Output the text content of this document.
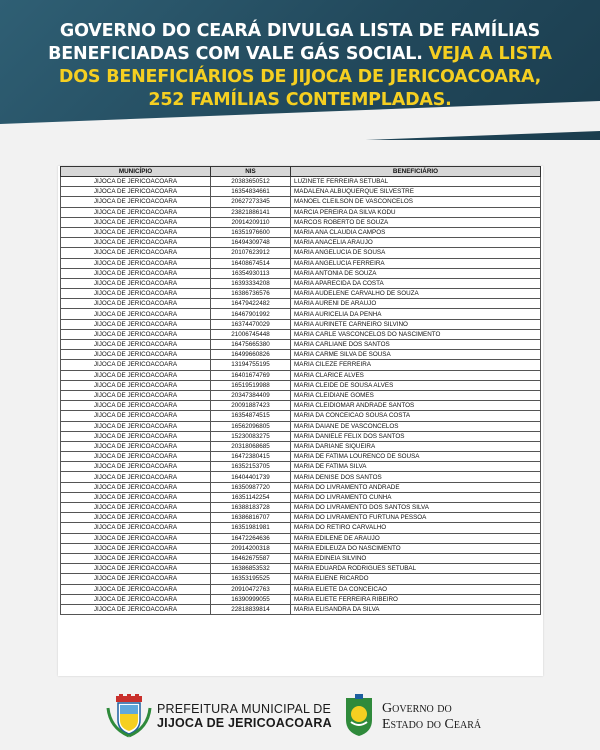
GOVERNO DO CEARÁ DIVULGA LISTA DE FAMÍLIAS
BENEFICIADAS COM VALE GÁS SOCIAL. VEJA A LISTA
DOS BENEFICIÁRIOS DE JIJOCA DE JERICOACOARA,
252 FAMÍLIAS CONTEMPLADAS.
MUNICÍPIO	NIS	BENEFICIÁRIO
JIJOCA DE JERICOACOARA	20383650512	LUZINETE FERREIRA SETUBAL
JIJOCA DE JERICOACOARA	16354834661	MADALENA ALBUQUERQUE SILVESTRE
JIJOCA DE JERICOACOARA	20627273345	MANOEL CLEILSON DE VASCONCELOS
JIJOCA DE JERICOACOARA	23821886141	MARCIA PEREIRA DA SILVA KODU
JIJOCA DE JERICOACOARA	20914209110	MARCOS ROBERTO DE SOUZA
JIJOCA DE JERICOACOARA	16351976600	MARIA ANA CLAUDIA CAMPOS
JIJOCA DE JERICOACOARA	16494309748	MARIA ANACELIA ARAUJO
JIJOCA DE JERICOACOARA	20107623912	MARIA ANGELUCIA DE SOUSA
JIJOCA DE JERICOACOARA	16408674514	MARIA ANGELUCIA FERREIRA
JIJOCA DE JERICOACOARA	16354930113	MARIA ANTONIA DE SOUZA
JIJOCA DE JERICOACOARA	16393334208	MARIA APARECIDA DA COSTA
JIJOCA DE JERICOACOARA	16386736576	MARIA AUDELENE CARVALHO DE SOUZA
JIJOCA DE JERICOACOARA	16479422482	MARIA AURENI DE ARAUJO
JIJOCA DE JERICOACOARA	16467901992	MARIA AURICELIA DA PENHA
JIJOCA DE JERICOACOARA	16374470029	MARIA AURINETE CARNEIRO SILVINO
JIJOCA DE JERICOACOARA	21006745448	MARIA CARLE VASCONCELOS DO NASCIMENTO
JIJOCA DE JERICOACOARA	16475665380	MARIA CARLIANE DOS SANTOS
JIJOCA DE JERICOACOARA	16499660826	MARIA CARME SILVA DE SOUSA
JIJOCA DE JERICOACOARA	13194755195	MARIA CILEZE FERREIRA
JIJOCA DE JERICOACOARA	16401674769	MARIA CLARICE ALVES
JIJOCA DE JERICOACOARA	16519519988	MARIA CLEIDE DE SOUSA ALVES
JIJOCA DE JERICOACOARA	20347384409	MARIA CLEIDIANE GOMES
JIJOCA DE JERICOACOARA	20091887423	MARIA CLEIDIOMAR ANDRADE SANTOS
JIJOCA DE JERICOACOARA	16354874515	MARIA DA CONCEICAO SOUSA COSTA
JIJOCA DE JERICOACOARA	16562096805	MARIA DAIANE DE VASCONCELOS
JIJOCA DE JERICOACOARA	15230083275	MARIA DANIELE FELIX DOS SANTOS
JIJOCA DE JERICOACOARA	20318068685	MARIA DARIANE SIQUEIRA
JIJOCA DE JERICOACOARA	16472380415	MARIA DE FATIMA LOURENCO DE SOUSA
JIJOCA DE JERICOACOARA	16352153705	MARIA DE FATIMA SILVA
JIJOCA DE JERICOACOARA	16404401739	MARIA DENISE DOS SANTOS
JIJOCA DE JERICOACOARA	16350987720	MARIA DO LIVRAMENTO ANDRADE
JIJOCA DE JERICOACOARA	16351142254	MARIA DO LIVRAMENTO CUNHA
JIJOCA DE JERICOACOARA	16388183728	MARIA DO LIVRAMENTO DOS SANTOS SILVA
JIJOCA DE JERICOACOARA	16386816707	MARIA DO LIVRAMENTO FURTUNA PESSOA
JIJOCA DE JERICOACOARA	16351981981	MARIA DO RETIRO CARVALHO
JIJOCA DE JERICOACOARA	16472264636	MARIA EDILENE DE ARAUJO
JIJOCA DE JERICOACOARA	20914200318	MARIA EDILEUZA DO NASCIMENTO
JIJOCA DE JERICOACOARA	16462675587	MARIA EDINEIA SILVINO
JIJOCA DE JERICOACOARA	16386853532	MARIA EDUARDA RODRIGUES SETUBAL
JIJOCA DE JERICOACOARA	16353195525	MARIA ELIENE RICARDO
JIJOCA DE JERICOACOARA	20910472763	MARIA ELIETE DA CONCEICAO
JIJOCA DE JERICOACOARA	16390999055	MARIA ELIETE FERREIRA RIBEIRO
JIJOCA DE JERICOACOARA	22818839814	MARIA ELISANDRA DA SILVA
PREFEITURA MUNICIPAL DE
JIJOCA DE JERICOACOARA
Governo do
Estado do Ceará
